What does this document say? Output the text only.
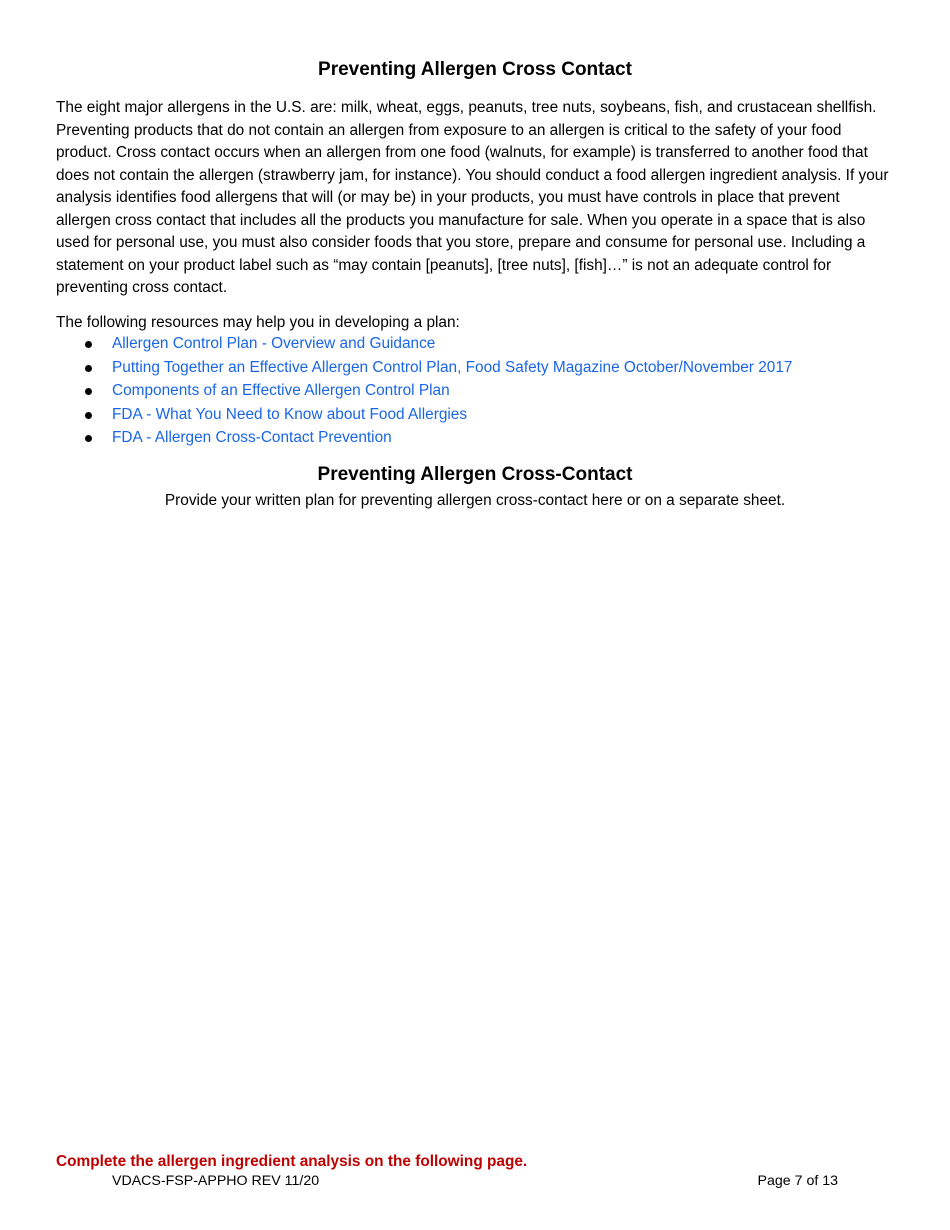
Preventing Allergen Cross Contact

The eight major allergens in the U.S. are: milk, wheat, eggs, peanuts, tree nuts, soybeans, fish, and crustacean shellfish. Preventing products that do not contain an allergen from exposure to an allergen is critical to the safety of your food product. Cross contact occurs when an allergen from one food (walnuts, for example) is transferred to another food that does not contain the allergen (strawberry jam, for instance). You should conduct a food allergen ingredient analysis. If your analysis identifies food allergens that will (or may be) in your products, you must have controls in place that prevent allergen cross contact that includes all the products you manufacture for sale. When you operate in a space that is also used for personal use, you must also consider foods that you store, prepare and consume for personal use. Including a statement on your product label such as “may contain [peanuts], [tree nuts], [fish]…” is not an adequate control for preventing cross contact.

The following resources may help you in developing a plan:

Allergen Control Plan - Overview and Guidance
Putting Together an Effective Allergen Control Plan, Food Safety Magazine October/November 2017
Components of an Effective Allergen Control Plan
FDA - What You Need to Know about Food Allergies
FDA - Allergen Cross-Contact Prevention
Preventing Allergen Cross-Contact
Provide your written plan for preventing allergen cross-contact here or on a separate sheet.
Complete the allergen ingredient analysis on the following page.
VDACS-FSP-APPHO REV 11/20	Page 7 of 13
